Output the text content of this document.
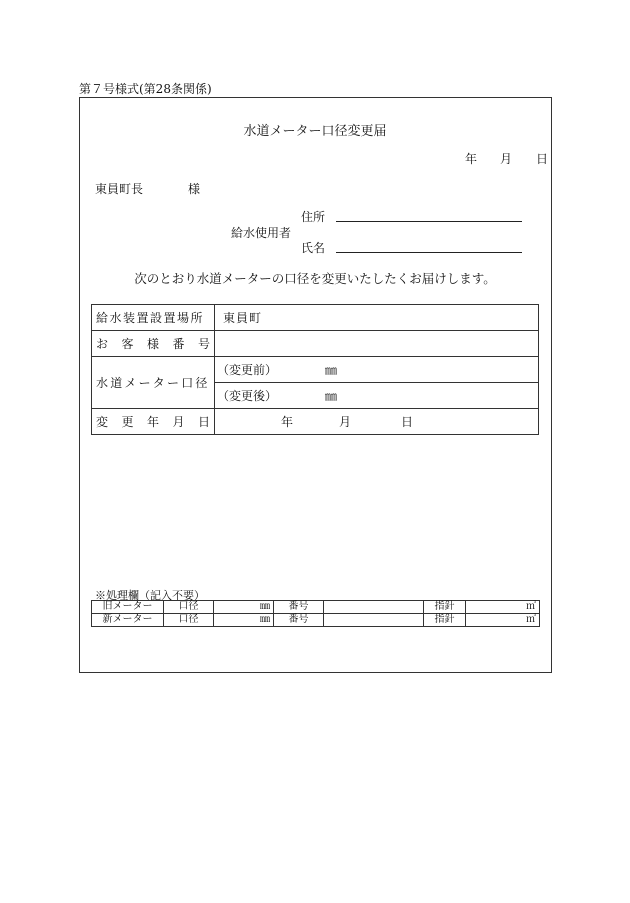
第７号様式(第28条関係)
水道メーター口径変更届
年 月 日
東員町長	様
住所
給水使用者
氏名
次のとおり水道メーターの口径を変更いたしたくお届けします。
給水装置設置場所	東員町

お 客 様 番 号	

水道メーター口径	（変更前） ㎜

	（変更後） ㎜

変 更 年 月 日	年 月 日
※処理欄（記入不要）
旧メーター	口径	㎜	番号		指針	㎥
新メーター	口径	㎜	番号		指針	㎥
